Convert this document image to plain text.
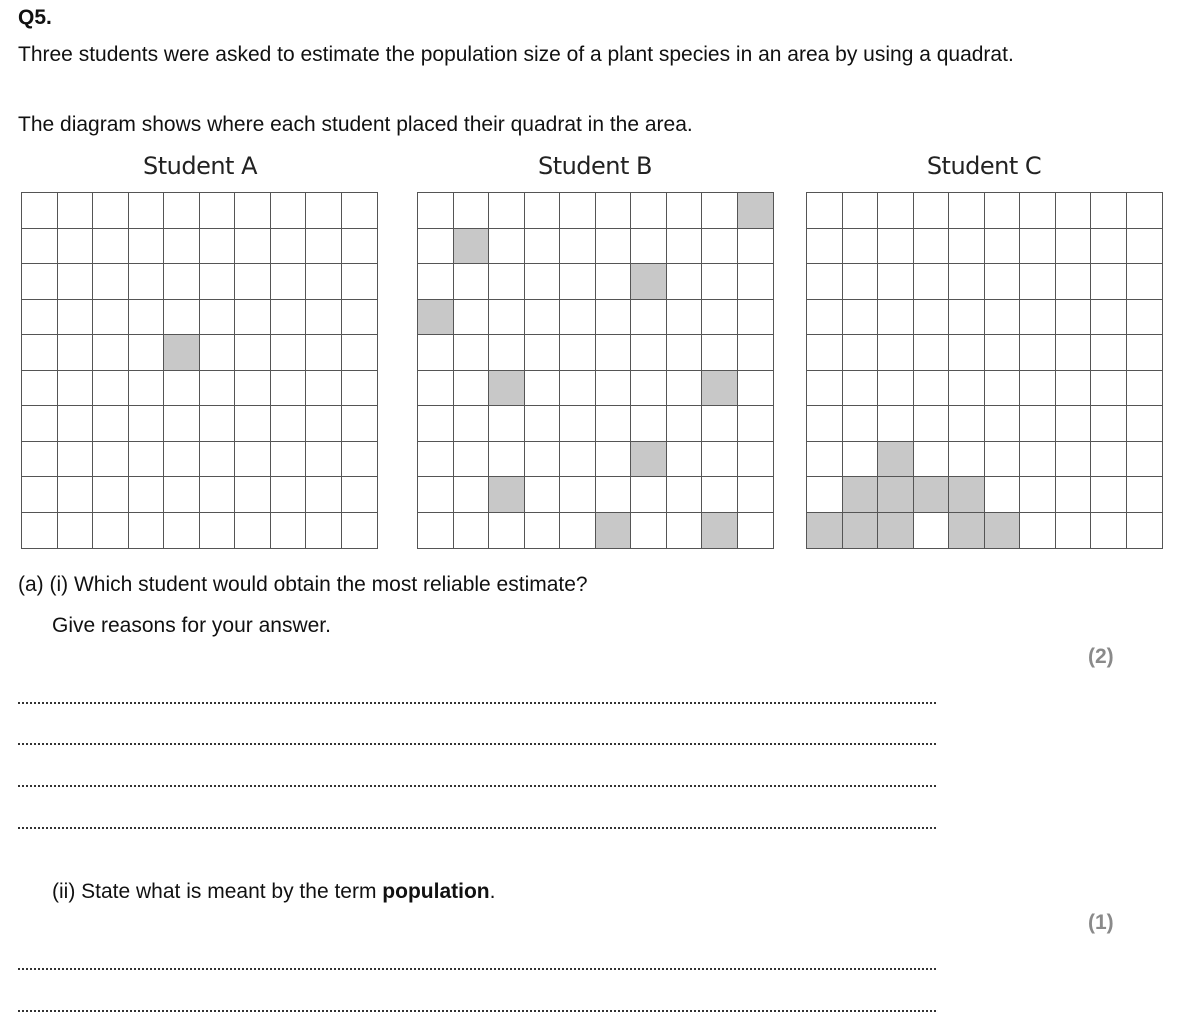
Q5.
Three students were asked to estimate the population size of a plant species in an area by using a quadrat.
The diagram shows where each student placed their quadrat in the area.
Student A	Student B	Student C
(a) (i) Which student would obtain the most reliable estimate?
Give reasons for your answer.
(2)
(ii) State what is meant by the term population.
(1)
